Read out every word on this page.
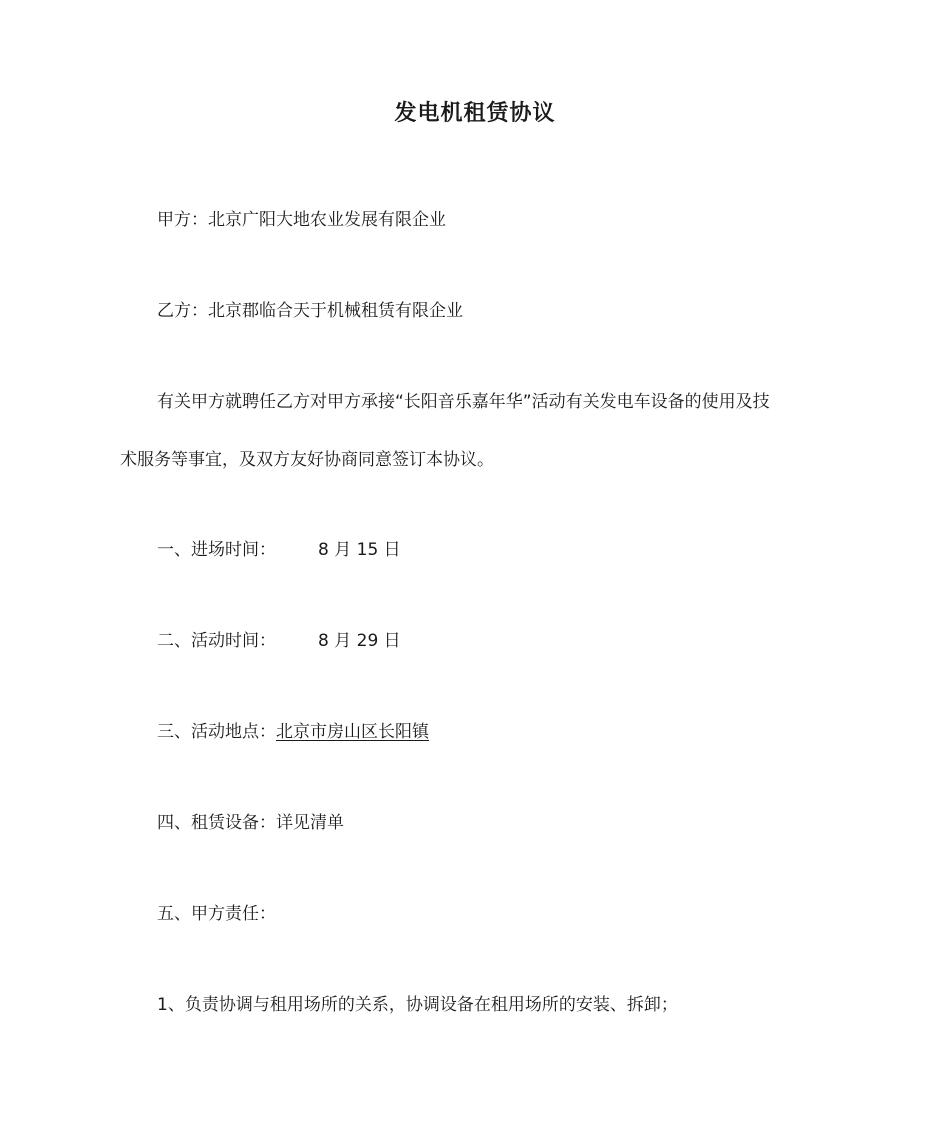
发电机租赁协议
甲方：北京广阳大地农业发展有限企业
乙方：北京郡临合天于机械租赁有限企业
有关甲方就聘任乙方对甲方承接“长阳音乐嘉年华”活动有关发电车设备的使用及技
术服务等事宜，及双方友好协商同意签订本协议。
一、进场时间： 8 月 15 日
二、活动时间： 8 月 29 日
三、活动地点：北京市房山区长阳镇
四、租赁设备：详见清单
五、甲方责任：
1、负责协调与租用场所的关系，协调设备在租用场所的安装、拆卸；
